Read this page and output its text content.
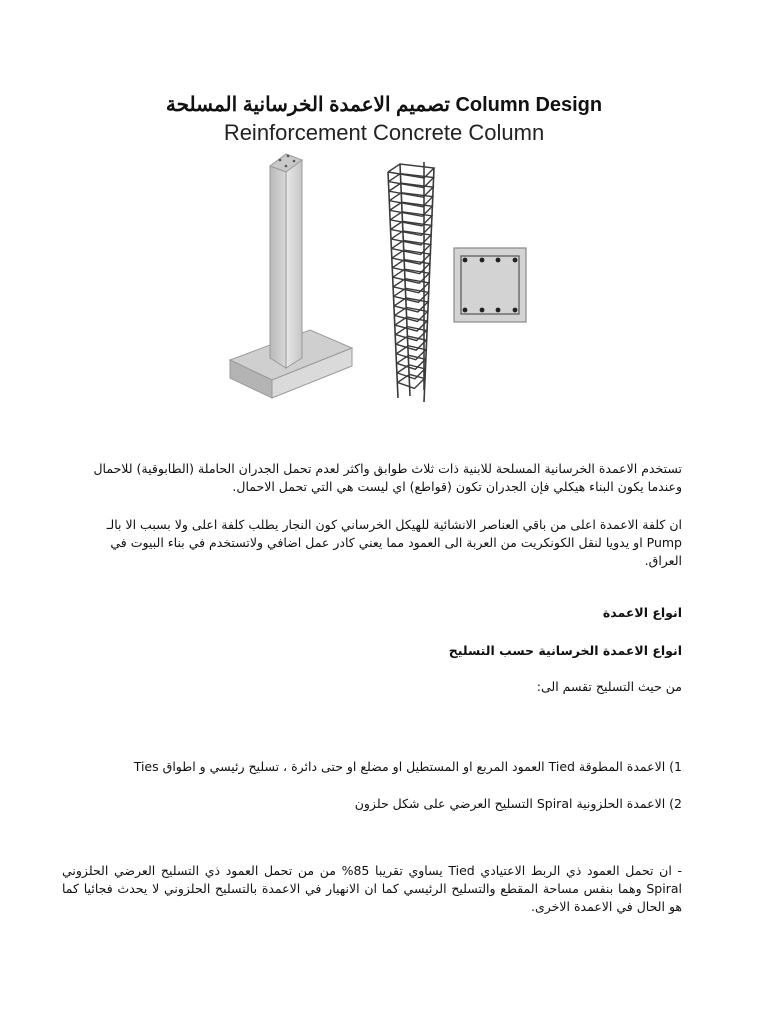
تصميم الاعمدة الخرسانية المسلحة Column Design
Reinforcement Concrete Column
تستخدم الاعمدة الخرسانية المسلحة للابنية ذات ثلاث طوابق واكثر لعدم تحمل الجدران الحاملة (الطابوقية) للاحمال وعندما يكون البناء هيكلي فإن الجدران تكون (قواطع) اي ليست هي التي تحمل الاحمال.
ان كلفة الاعمدة اعلى من باقي العناصر الانشائية للهيكل الخرساني كون النجار يطلب كلفة اعلى ولا بسبب الا بالـ Pump او يدويا لنقل الكونكريت من العربة الى العمود مما يعني كادر عمل اضافي ولاتستخدم في بناء البيوت في العراق.
انواع الاعمدة
انواع الاعمدة الخرسانية حسب التسليح
من حيث التسليح تقسم الى:
1) الاعمدة المطوقة Tied العمود المربع او المستطيل او مضلع او حتى دائرة ، تسليح رئيسي و اطواق Ties
2) الاعمدة الحلزونية Spiral التسليح العرضي على شكل حلزون
- ان تحمل العمود ذي الربط الاعتيادي Tied يساوي تقريبا 85% من من تحمل العمود ذي التسليح العرضي الحلزوني Spiral وهما بنفس مساحة المقطع والتسليح الرئيسي كما ان الانهيار في الاعمدة بالتسليح الحلزوني لا يحدث فجائيا كما هو الحال في الاعمدة الاخرى.
